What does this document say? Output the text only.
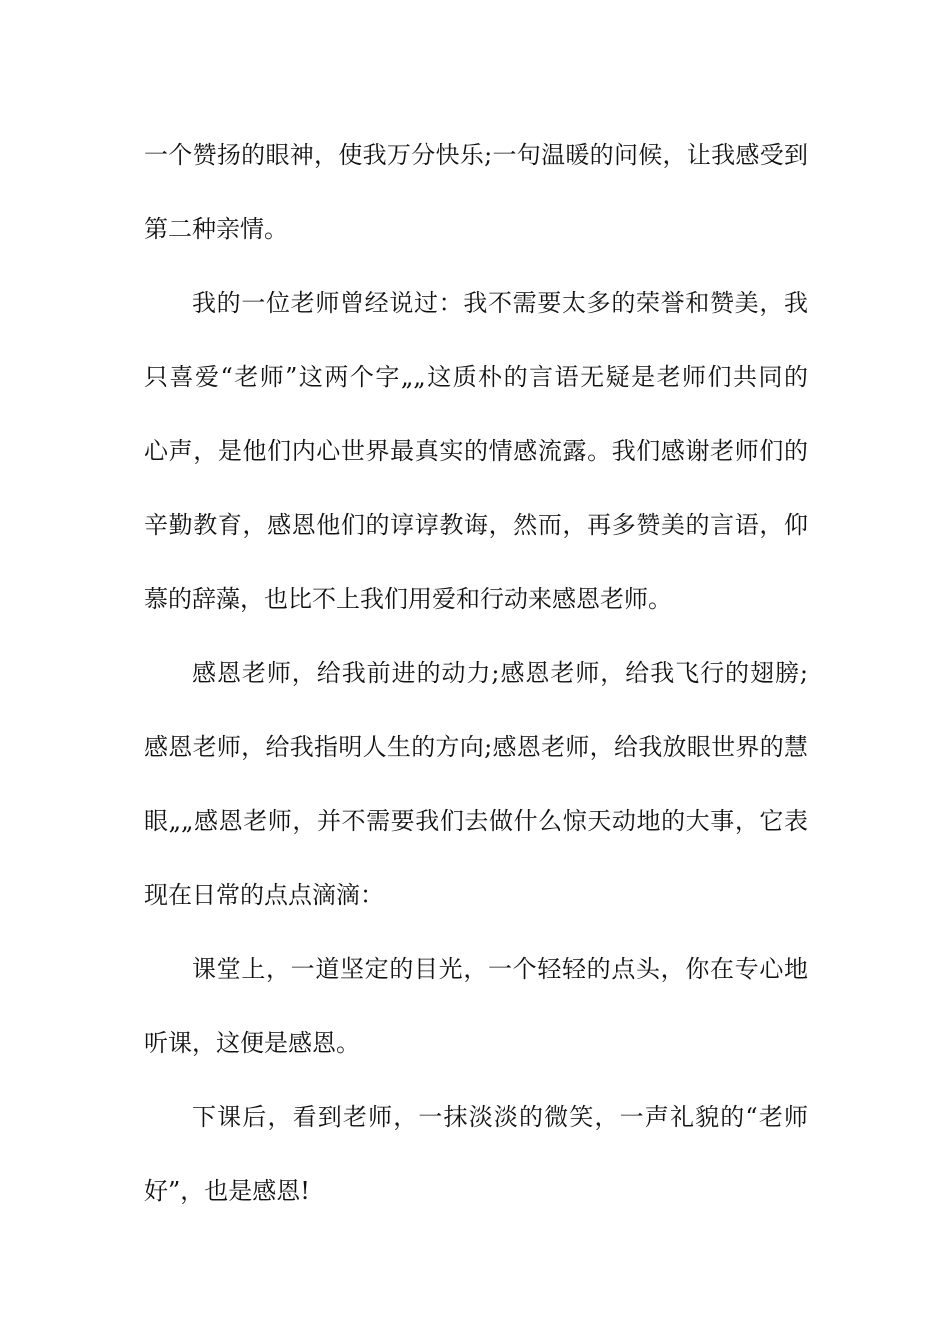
一个赞扬的眼神，使我万分快乐;一句温暖的问候，让我感受到
第二种亲情。
我的一位老师曾经说过：我不需要太多的荣誉和赞美，我
只喜爱“老师”这两个字„„这质朴的言语无疑是老师们共同的
心声，是他们内心世界最真实的情感流露。我们感谢老师们的
辛勤教育，感恩他们的谆谆教诲，然而，再多赞美的言语，仰
慕的辞藻，也比不上我们用爱和行动来感恩老师。
感恩老师，给我前进的动力;感恩老师，给我飞行的翅膀;
感恩老师，给我指明人生的方向;感恩老师，给我放眼世界的慧
眼„„感恩老师，并不需要我们去做什么惊天动地的大事，它表
现在日常的点点滴滴：
课堂上，一道坚定的目光，一个轻轻的点头，你在专心地
听课，这便是感恩。
下课后，看到老师，一抹淡淡的微笑，一声礼貌的“老师
好”，也是感恩!
